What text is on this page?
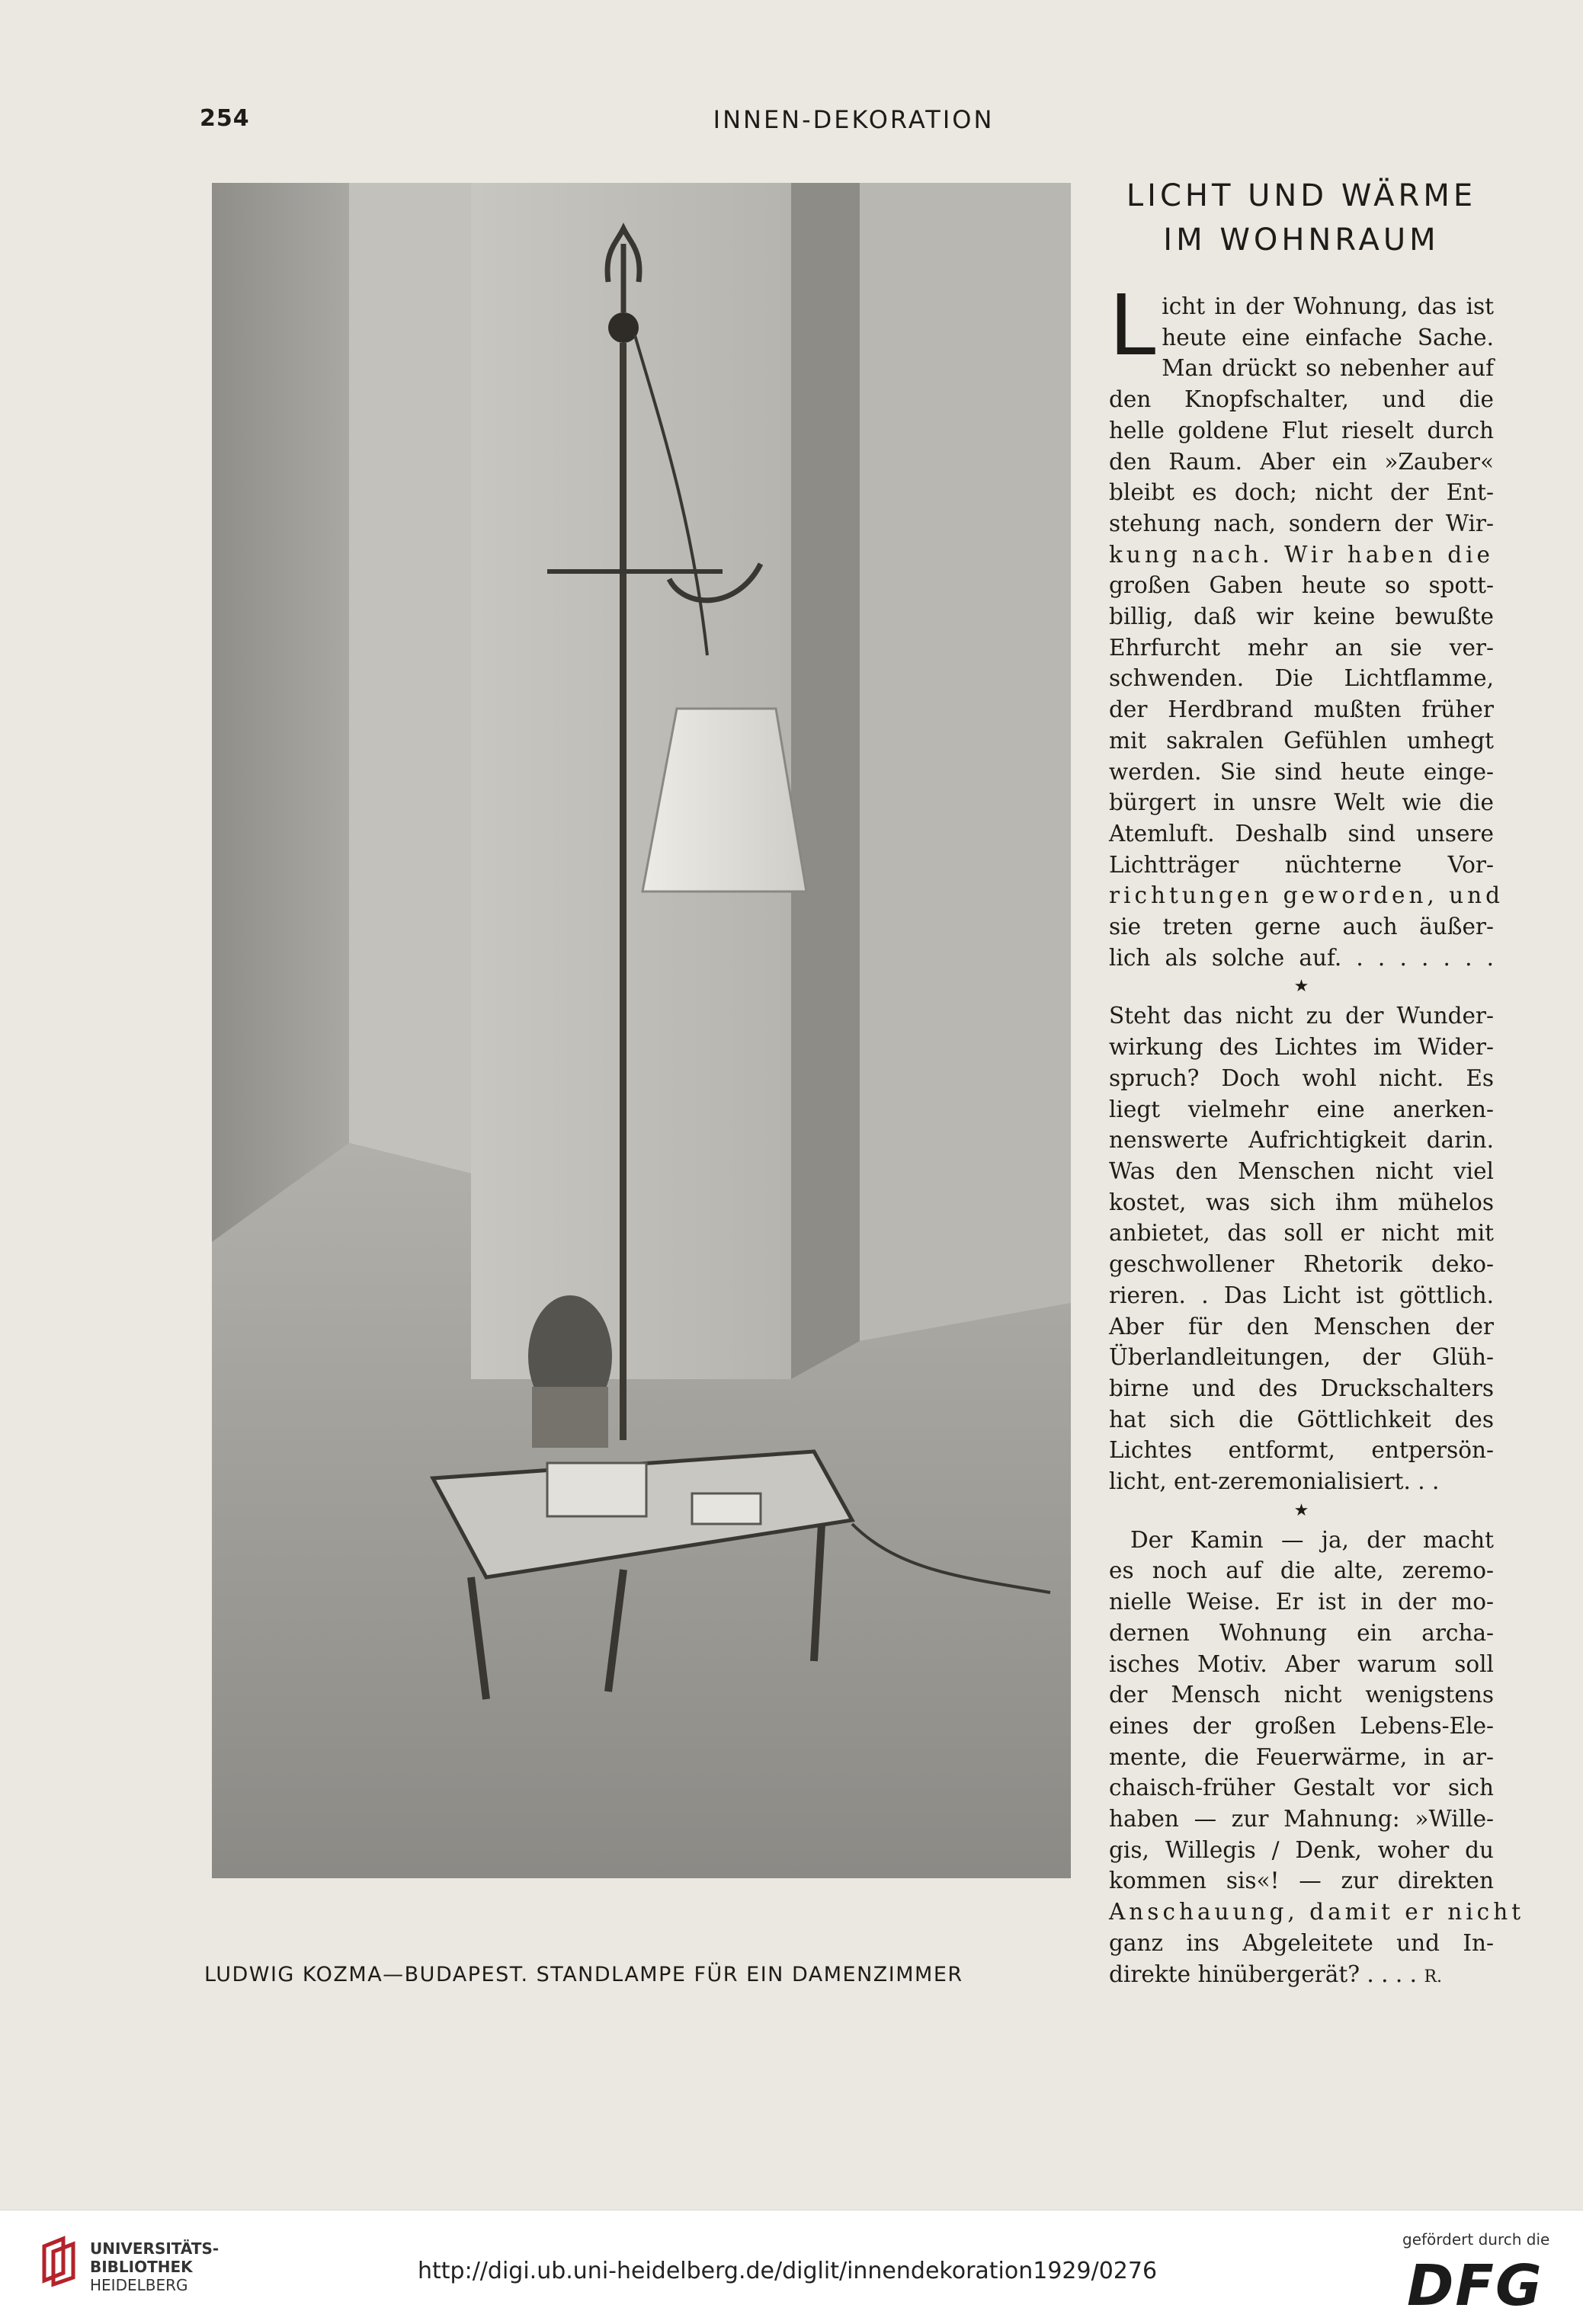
254	INNEN-DEKORATION
LUDWIG KOZMA—BUDAPEST. STANDLAMPE FÜR EIN DAMENZIMMER
LICHT UND WÄRME
IM WOHNRAUM

L icht in der Wohnung, das ist
heute eine einfache Sache.
Man drückt so nebenher auf
den Knopfschalter, und die
helle goldene Flut rieselt durch
den Raum. Aber ein »Zauber«
bleibt es doch; nicht der Ent-
stehung nach, sondern der Wir-
kung nach. Wir haben die
großen Gaben heute so spott-
billig, daß wir keine bewußte
Ehrfurcht mehr an sie ver-
schwenden. Die Lichtflamme,
der Herdbrand mußten früher
mit sakralen Gefühlen umhegt
werden. Sie sind heute einge-
bürgert in unsre Welt wie die
Atemluft. Deshalb sind unsere
Lichtträger nüchterne Vor-
richtungen geworden, und
sie treten gerne auch äußer-
lich als solche auf. . . . . . . .

★

Steht das nicht zu der Wunder-
wirkung des Lichtes im Wider-
spruch? Doch wohl nicht. Es
liegt vielmehr eine anerken-
nenswerte Aufrichtigkeit darin.
Was den Menschen nicht viel
kostet, was sich ihm mühelos
anbietet, das soll er nicht mit
geschwollener Rhetorik deko-
rieren. . Das Licht ist göttlich.
Aber für den Menschen der
Überlandleitungen, der Glüh-
birne und des Druckschalters
hat sich die Göttlichkeit des
Lichtes entformt, entpersön-
licht, ent-zeremonialisiert. . .

★

Der Kamin — ja, der macht
es noch auf die alte, zeremo-
nielle Weise. Er ist in der mo-
dernen Wohnung ein archa-
isches Motiv. Aber warum soll
der Mensch nicht wenigstens
eines der großen Lebens-Ele-
mente, die Feuerwärme, in ar-
chaisch-früher Gestalt vor sich
haben — zur Mahnung: »Wille-
gis, Willegis / Denk, woher du
kommen sis«! — zur direkten
Anschauung, damit er nicht
ganz ins Abgeleitete und In-
direkte hinübergerät? . . . . R.

UNIVERSITÄTS-
BIBLIOTHEK
HEIDELBERG
http://digi.ub.uni-heidelberg.de/diglit/innendekoration1929/0276
gefördert durch die
DFG
